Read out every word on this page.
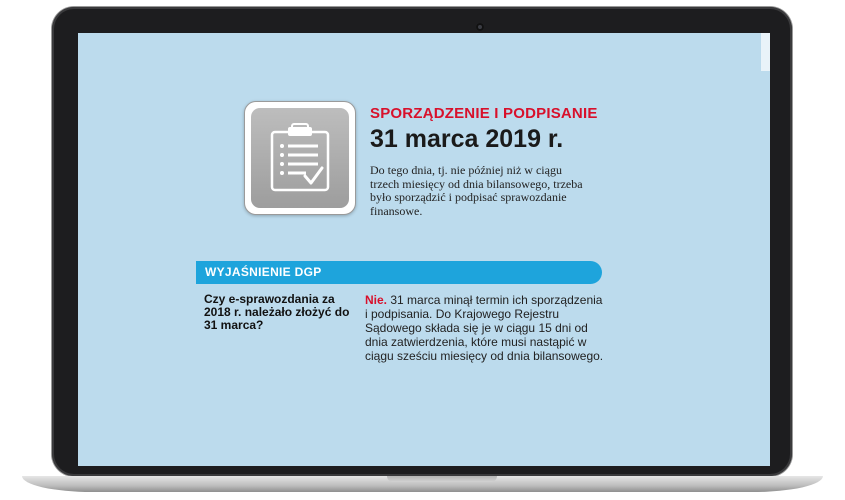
SPORZĄDZENIE I PODPISANIE
31 marca 2019 r.
Do tego dnia, tj. nie później niż w ciągu trzech miesięcy od dnia bilansowego, trzeba było sporządzić i podpisać sprawozdanie finansowe.
WYJAŚNIENIE DGP
Czy e-sprawozdania za 2018 r. należało złożyć do 31 marca?
Nie. 31 marca minął termin ich sporządzenia i podpisania. Do Krajowego Rejestru Sądowego składa się je w ciągu 15 dni od dnia zatwierdzenia, które musi nastąpić w ciągu sześciu miesięcy od dnia bilansowego.
